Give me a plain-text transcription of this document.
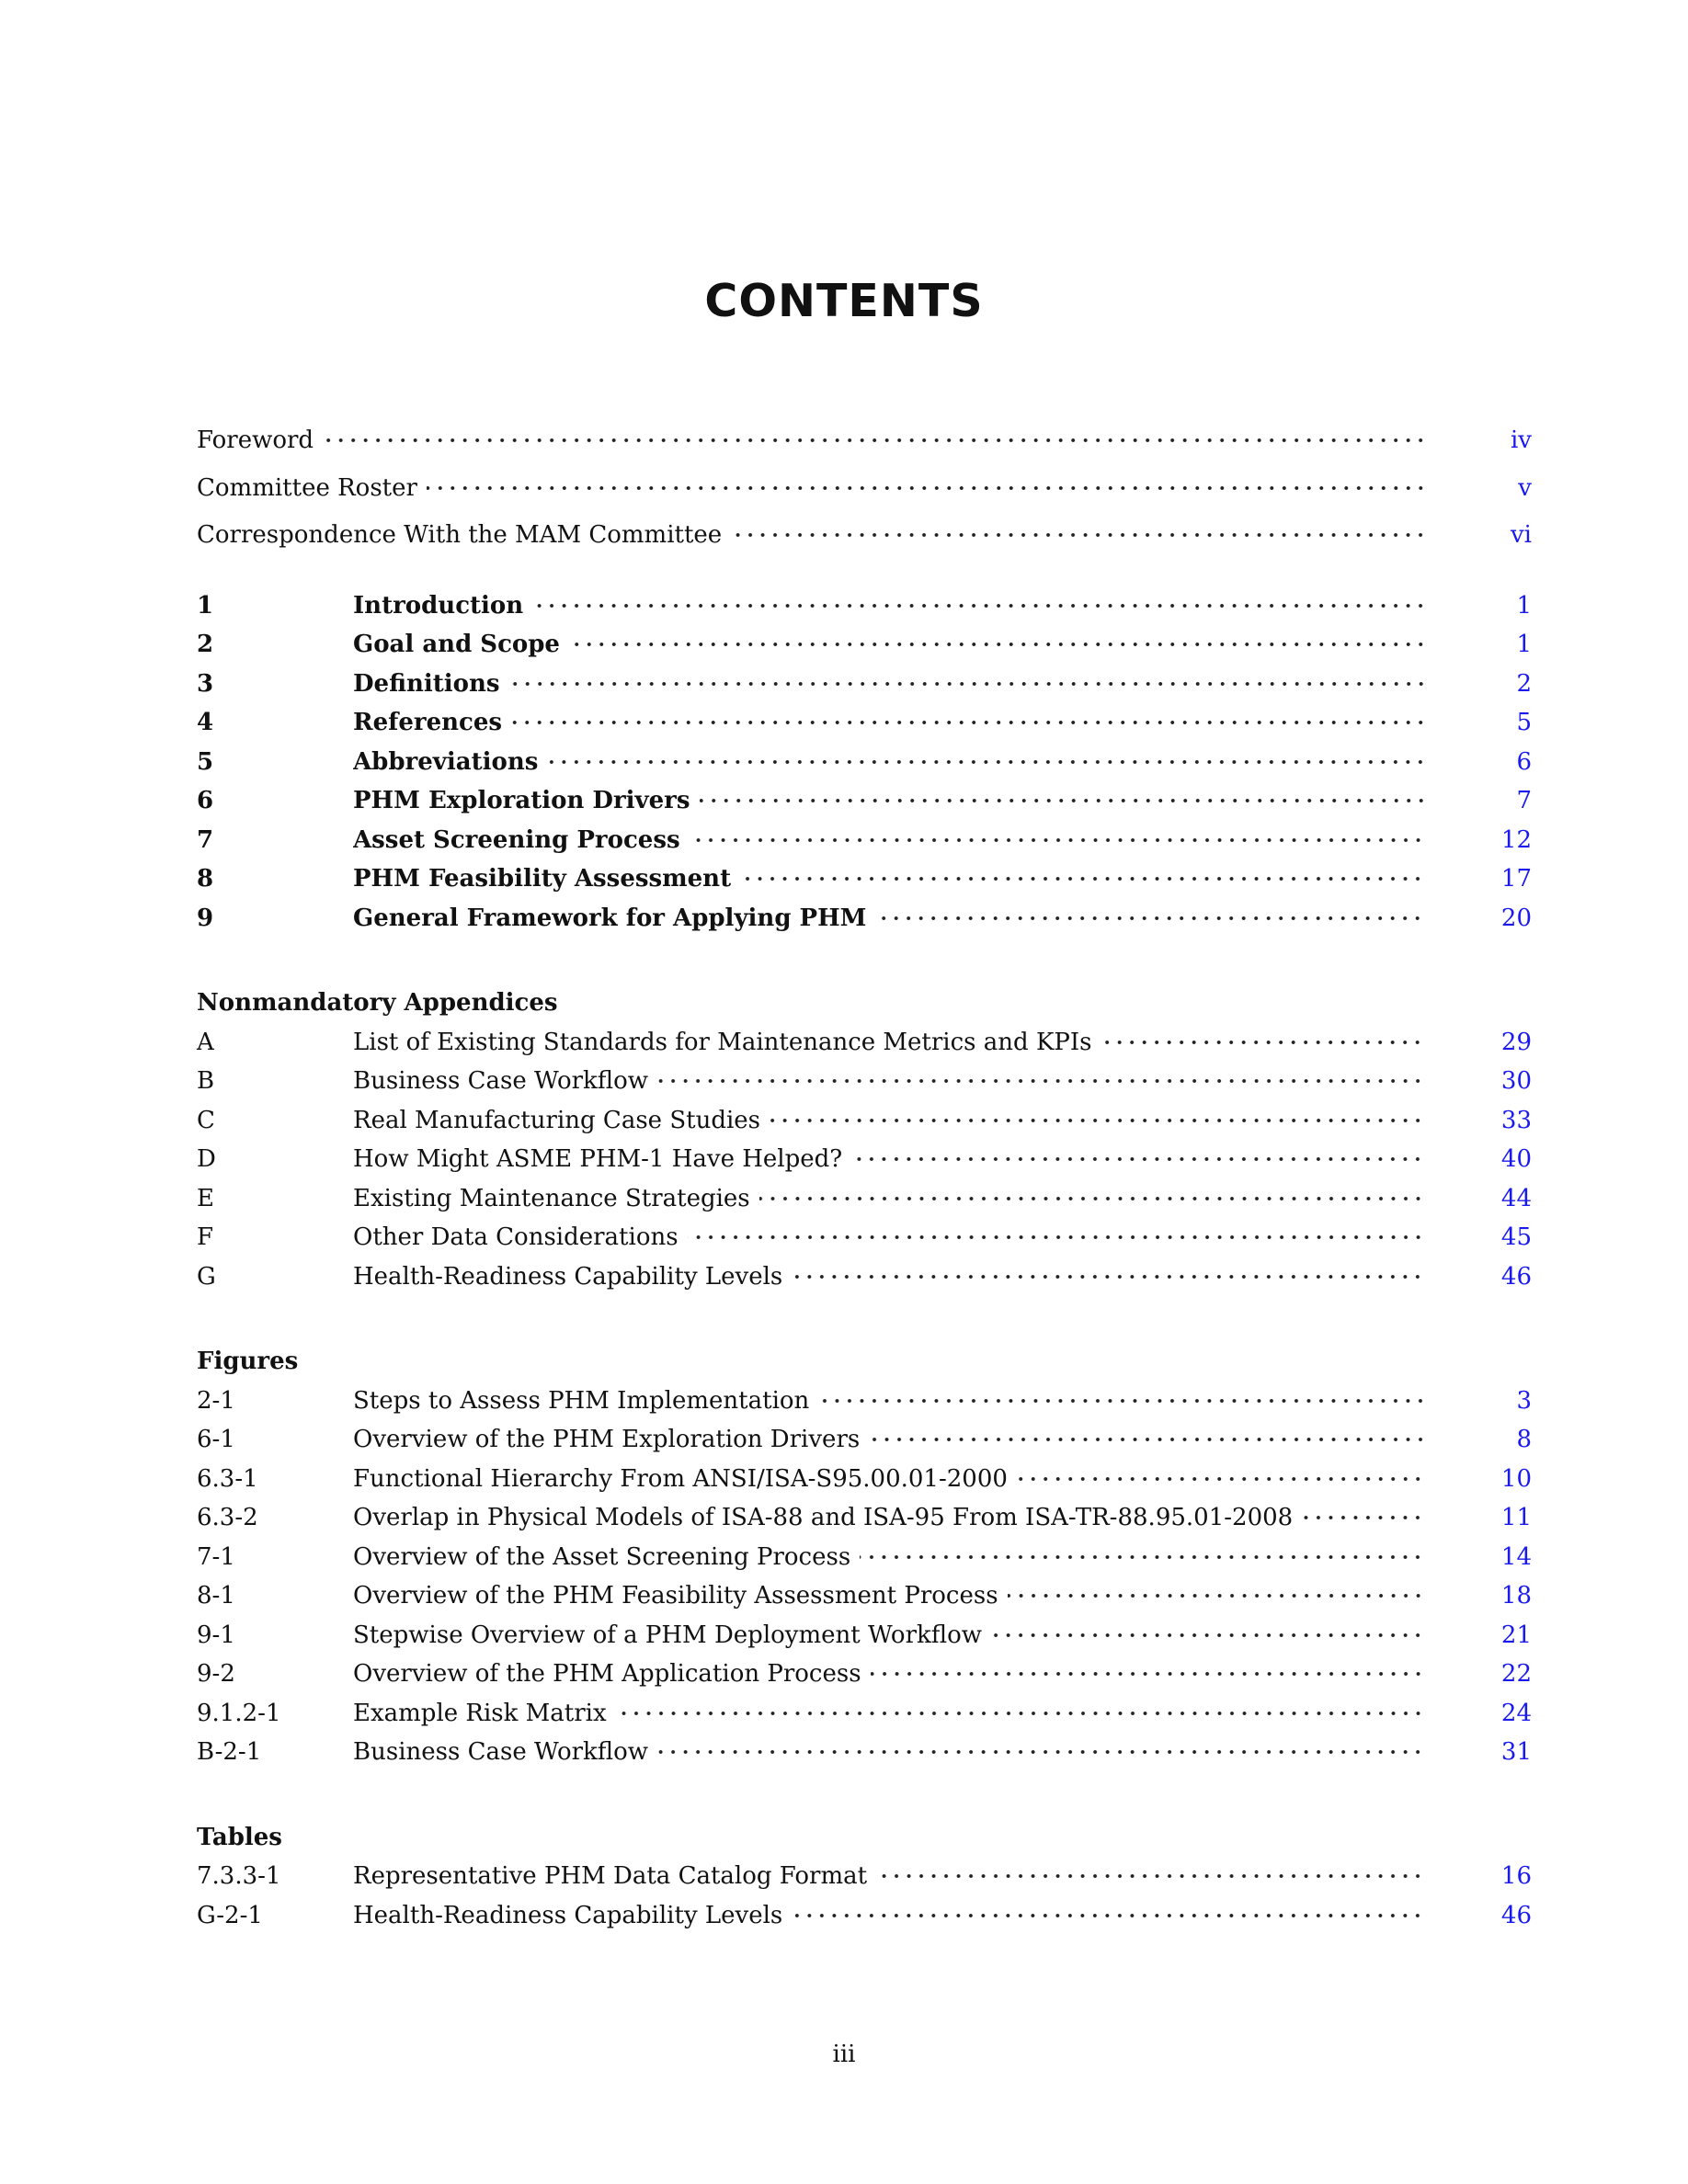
CONTENTS
Foreword	iv
Committee Roster	v
Correspondence With the MAM Committee	vi
1	Introduction	1
2	Goal and Scope	1
3	Definitions	2
4	References	5
5	Abbreviations	6
6	PHM Exploration Drivers	7
7	Asset Screening Process	12
8	PHM Feasibility Assessment	17
9	General Framework for Applying PHM	20
Nonmandatory Appendices
A	List of Existing Standards for Maintenance Metrics and KPIs	29
B	Business Case Workflow	30
C	Real Manufacturing Case Studies	33
D	How Might ASME PHM-1 Have Helped?	40
E	Existing Maintenance Strategies	44
F	Other Data Considerations	45
G	Health-Readiness Capability Levels	46
Figures
2-1	Steps to Assess PHM Implementation	3
6-1	Overview of the PHM Exploration Drivers	8
6.3-1	Functional Hierarchy From ANSI/ISA-S95.00.01-2000	10
6.3-2	Overlap in Physical Models of ISA-88 and ISA-95 From ISA-TR-88.95.01-2008	11
7-1	Overview of the Asset Screening Process	14
8-1	Overview of the PHM Feasibility Assessment Process	18
9-1	Stepwise Overview of a PHM Deployment Workflow	21
9-2	Overview of the PHM Application Process	22
9.1.2-1	Example Risk Matrix	24
B-2-1	Business Case Workflow	31
Tables
7.3.3-1	Representative PHM Data Catalog Format	16
G-2-1	Health-Readiness Capability Levels	46
iii
